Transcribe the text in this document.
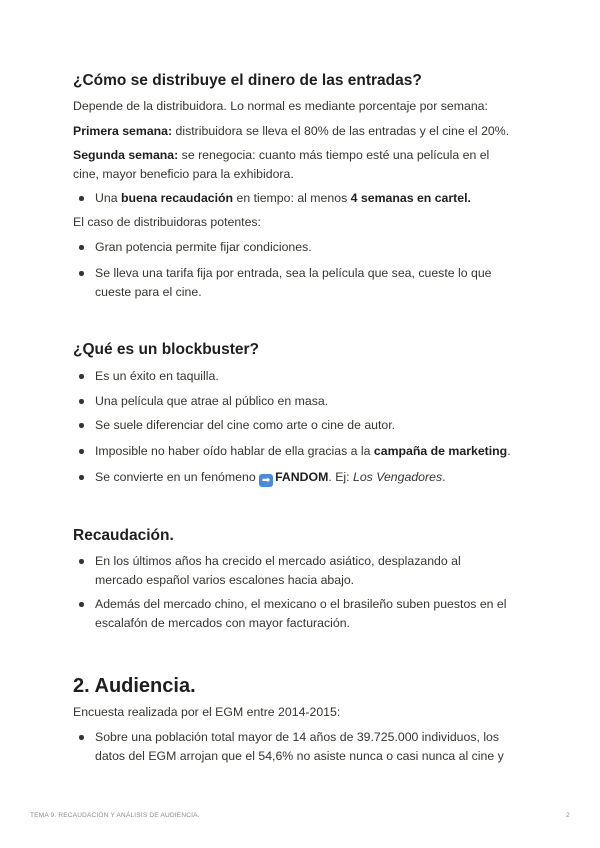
¿Cómo se distribuye el dinero de las entradas?

Depende de la distribuidora. Lo normal es mediante porcentaje por semana:

Primera semana: distribuidora se lleva el 80% de las entradas y el cine el 20%.

Segunda semana: se renegocia: cuanto más tiempo esté una película en el
cine, mayor beneficio para la exhibidora.

Una buena recaudación en tiempo: al menos 4 semanas en cartel.

El caso de distribuidoras potentes:

Gran potencia permite fijar condiciones.
Se lleva una tarifa fija por entrada, sea la película que sea, cueste lo que
cueste para el cine.
¿Qué es un blockbuster?
Es un éxito en taquilla.
Una película que atrae al público en masa.
Se suele diferenciar del cine como arte o cine de autor.
Imposible no haber oído hablar de ella gracias a la campaña de marketing.
Se convierte en un fenómeno ➡ FANDOM. Ej: Los Vengadores.
Recaudación.
En los últimos años ha crecido el mercado asiático, desplazando al
mercado español varios escalones hacia abajo.
Además del mercado chino, el mexicano o el brasileño suben puestos en el
escalafón de mercados con mayor facturación.
2. Audiencia.

Encuesta realizada por el EGM entre 2014-2015:

Sobre una población total mayor de 14 años de 39.725.000 individuos, los
datos del EGM arrojan que el 54,6% no asiste nunca o casi nunca al cine y
TEMA 9. RECAUDACIÓN Y ANÁLISIS DE AUDIENCIA.	2
